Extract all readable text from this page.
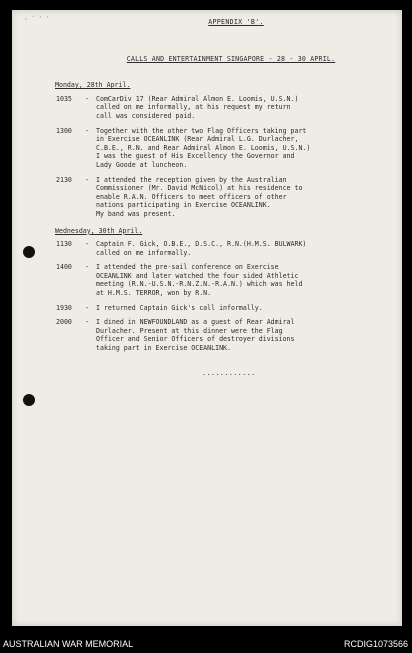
· ´ ′ ′	APPENDIX 'B'.
CALLS AND ENTERTAINMENT SINGAPORE - 28 - 30 APRIL.
Monday, 28th April.
1035	-	ComCarDiv 17 (Rear Admiral Almon E. Loomis, U.S.N.)
called on me informally, at his request my return
call was considered paid.
1300	-	Together with the other two Flag Officers taking part
in Exercise OCEANLINK (Rear Admiral L.G. Durlacher,
C.B.E., R.N. and Rear Admiral Almon E. Loomis, U.S.N.)
I was the guest of His Excellency the Governor and
Lady Goode at luncheon.
2130	-	I attended the reception given by the Australian
Commissioner (Mr. David McNicol) at his residence to
enable R.A.N. Officers to meet officers of other
nations participating in Exercise OCEANLINK.
My band was present.
Wednesday, 30th April.
1130	-	Captain F. Gick, O.B.E., D.S.C., R.N.(H.M.S. BULWARK)
called on me informally.
1400	-	I attended the pre-sail conference on Exercise
OCEANLINK and later watched the four sided Athletic
meeting (R.N.-U.S.N.-R.N.Z.N.-R.A.N.) which was held
at H.M.S. TERROR, won by R.N.
1930	-	I returned Captain Gick's call informally.
2000	-	I dined in NEWFOUNDLAND as a guest of Rear Admiral
Durlacher. Present at this dinner were the Flag
Officer and Senior Officers of destroyer divisions
taking part in Exercise OCEANLINK.
............
AUSTRALIAN WAR MEMORIAL	RCDIG1073566
